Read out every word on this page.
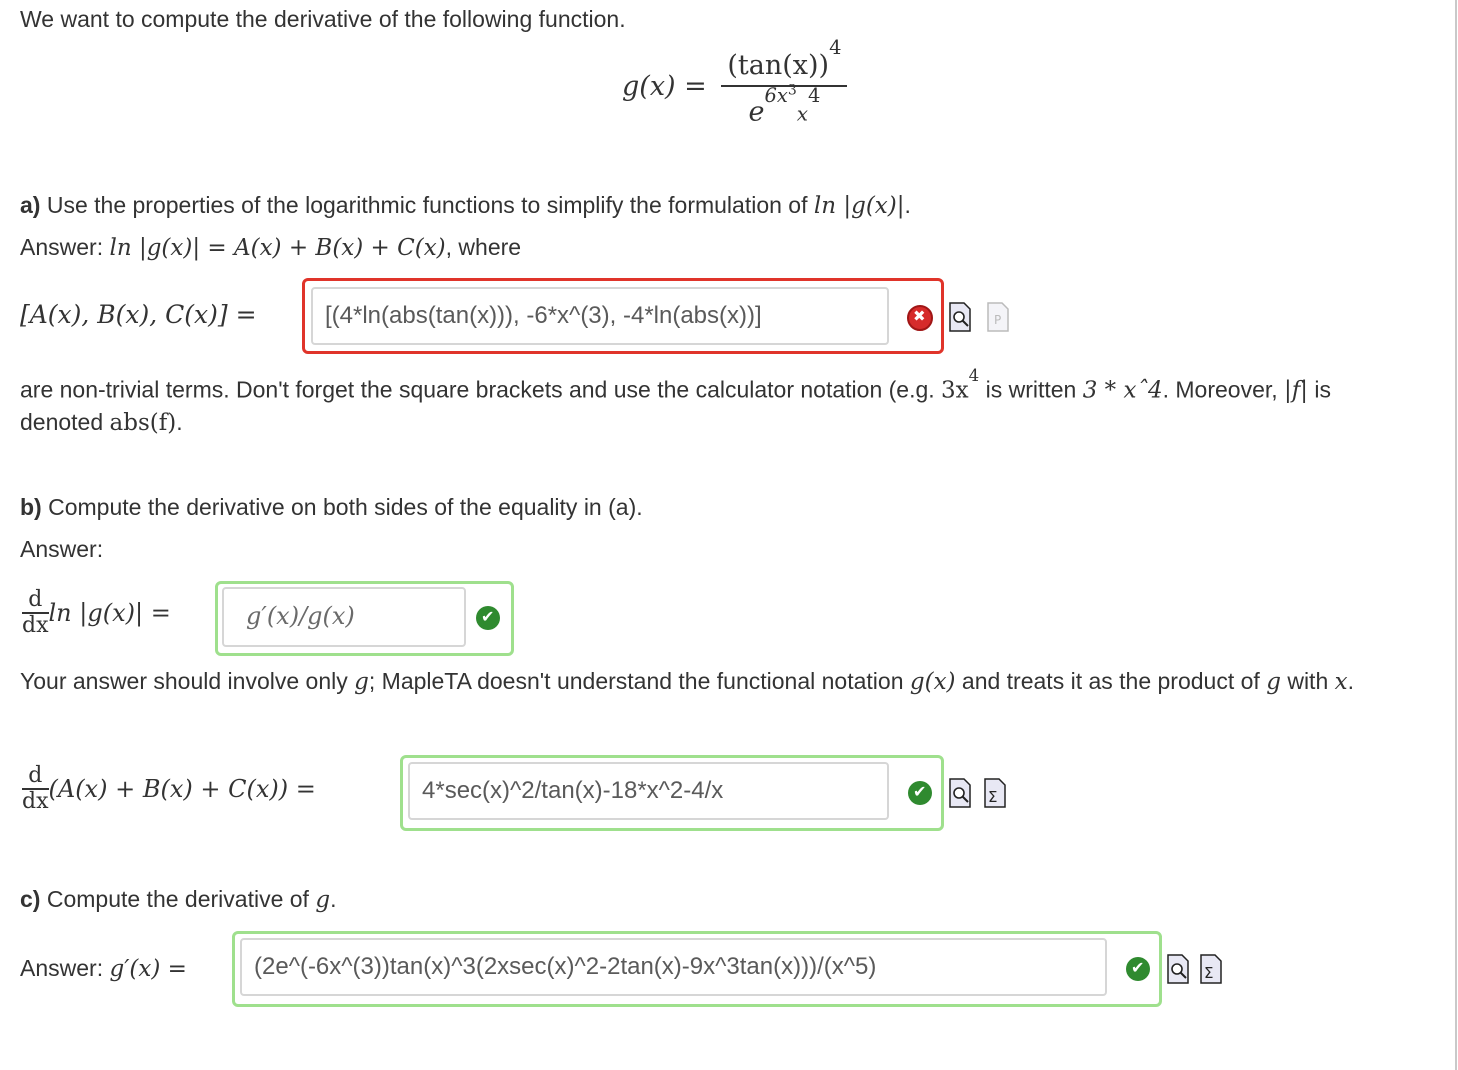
We want to compute the derivative of the following function.
$g(x) = \frac{(\tan(x))^4}{e^{6x^3}x^4}$
a) Use the properties of the logarithmic functions to simplify the formulation of ln |g(x)|.
Answer: ln |g(x)| = A(x) + B(x) + C(x), where
[A(x), B(x), C(x)] =	[(4*ln(abs(tan(x))), -6*x^(3), -4*ln(abs(x))] ✖	P
are non-trivial terms. Don't forget the square brackets and use the calculator notation (e.g. $3x^4$ is written 3 * xˆ4. Moreover, |f| is
denoted abs(f).
b) Compute the derivative on both sides of the equality in (a).
Answer:
$\frac{d}{dx}$ ln |g(x)| =	g′(x)/g(x)
✔
Your answer should involve only g; MapleTA doesn't understand the functional notation g(x) and treats it as the product of g with x.
$\frac{d}{dx} (A(x) + B(x) + C(x))$ =	4*sec(x)^2/tan(x)-18*x^2-4/x ✔	Σ
c) Compute the derivative of g.
Answer: g′(x) =	(2e^(-6x^(3))tan(x)^3(2xsec(x)^2-2tan(x)-9x^3tan(x)))/(x^5) ✔	Σ
